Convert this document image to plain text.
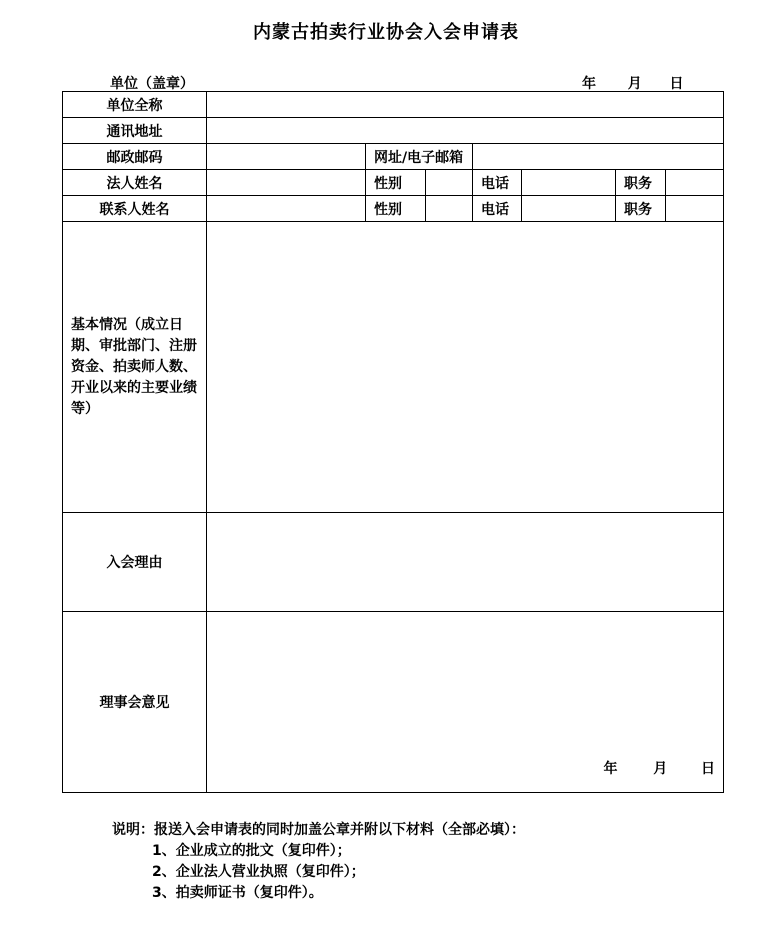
内蒙古拍卖行业协会入会申请表
单位（盖章）	年 月 日
单位全称							
通讯地址							
邮政邮码		网址/电子邮箱					
法人姓名		性别		电话		职务	
联系人姓名		性别		电话		职务	
基本情况（成立日期、审批部门、注册资金、拍卖师人数、开业以来的主要业绩等）							
入会理由							
理事会意见	年 月 日						
说明：报送入会申请表的同时加盖公章并附以下材料（全部必填）：
1、企业成立的批文（复印件）；
2、企业法人营业执照（复印件）；
3、拍卖师证书（复印件）。
